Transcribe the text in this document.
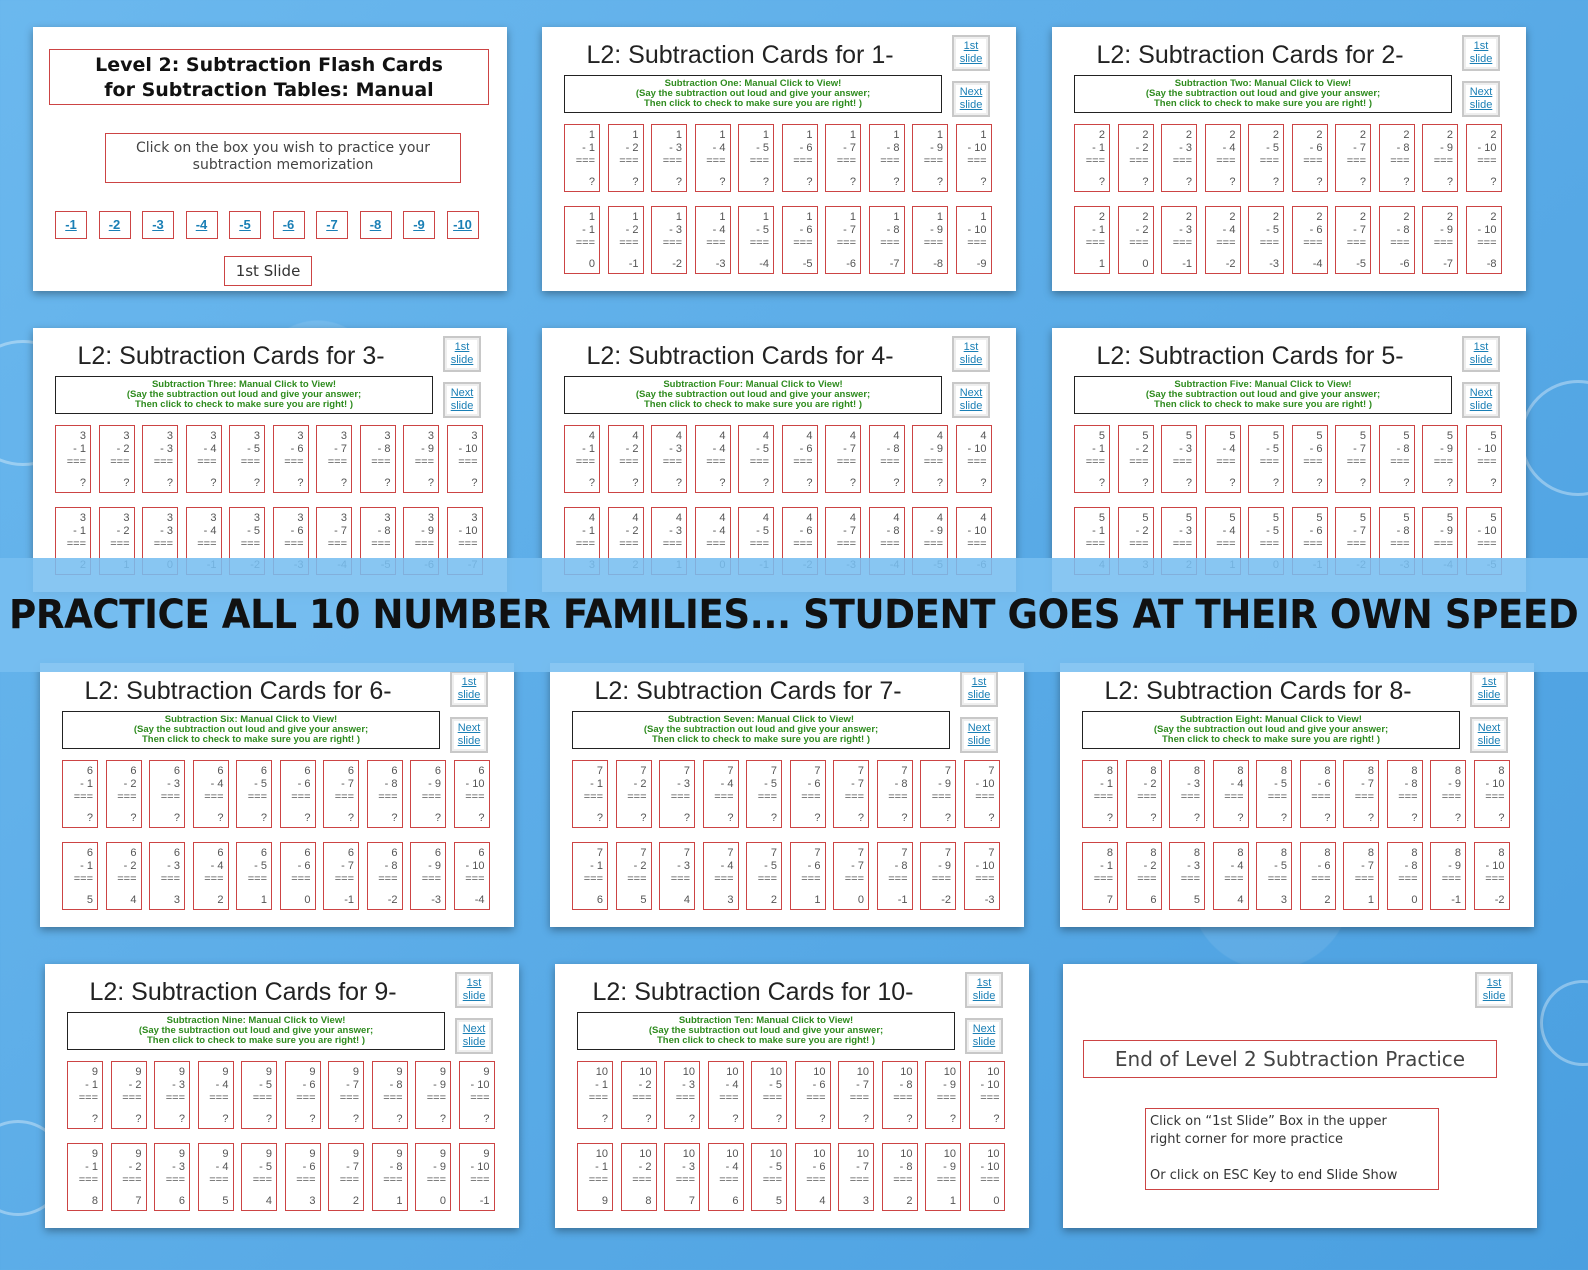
Level 2: Subtraction Flash Cards
for Subtraction Tables: Manual
Click on the box you wish to practice your
subtraction memorization
-1	-2	-3	-4	-5	-6	-7	-8	-9	-10
1st Slide
L2: Subtraction Cards for 1-	1st
slide
Next
slide
Subtraction One: Manual Click to View!
(Say the subtraction out loud and give your answer;
Then click to check to make sure you are right! )
1
- 1
===
?
1
- 2
===
?
1
- 3
===
?
1
- 4
===
?
1
- 5
===
?
1
- 6
===
?
1
- 7
===
?
1
- 8
===
?
1
- 9
===
?
1
- 10
===
?
1
- 1
===
0
1
- 2
===
-1
1
- 3
===
-2
1
- 4
===
-3
1
- 5
===
-4
1
- 6
===
-5
1
- 7
===
-6
1
- 8
===
-7
1
- 9
===
-8
1
- 10
===
-9
L2: Subtraction Cards for 2-	1st
slide
Next
slide
Subtraction Two: Manual Click to View!
(Say the subtraction out loud and give your answer;
Then click to check to make sure you are right! )
2
- 1
===
?
2
- 2
===
?
2
- 3
===
?
2
- 4
===
?
2
- 5
===
?
2
- 6
===
?
2
- 7
===
?
2
- 8
===
?
2
- 9
===
?
2
- 10
===
?
2
- 1
===
1
2
- 2
===
0
2
- 3
===
-1
2
- 4
===
-2
2
- 5
===
-3
2
- 6
===
-4
2
- 7
===
-5
2
- 8
===
-6
2
- 9
===
-7
2
- 10
===
-8
L2: Subtraction Cards for 3-	1st
slide
Next
slide
Subtraction Three: Manual Click to View!
(Say the subtraction out loud and give your answer;
Then click to check to make sure you are right! )
3
- 1
===
?
3
- 2
===
?
3
- 3
===
?
3
- 4
===
?
3
- 5
===
?
3
- 6
===
?
3
- 7
===
?
3
- 8
===
?
3
- 9
===
?
3
- 10
===
?
3
- 1
===
3
- 2
===
3
- 3
===
3
- 4
===
3
- 5
===
3
- 6
===
3
- 7
===
3
- 8
===
3
- 9
===
3
- 10
===
L2: Subtraction Cards for 4-	1st
slide
Next
slide
Subtraction Four: Manual Click to View!
(Say the subtraction out loud and give your answer;
Then click to check to make sure you are right! )
4
- 1
===
?
4
- 2
===
?
4
- 3
===
?
4
- 4
===
?
4
- 5
===
?
4
- 6
===
?
4
- 7
===
?
4
- 8
===
?
4
- 9
===
?
4
- 10
===
?
4
- 1
===
4
- 2
===
4
- 3
===
4
- 4
===
4
- 5
===
4
- 6
===
4
- 7
===
4
- 8
===
4
- 9
===
4
- 10
===
L2: Subtraction Cards for 5-	1st
slide
Next
slide
Subtraction Five: Manual Click to View!
(Say the subtraction out loud and give your answer;
Then click to check to make sure you are right! )
5
- 1
===
?
5
- 2
===
?
5
- 3
===
?
5
- 4
===
?
5
- 5
===
?
5
- 6
===
?
5
- 7
===
?
5
- 8
===
?
5
- 9
===
?
5
- 10
===
?
5
- 1
===
5
- 2
===
5
- 3
===
5
- 4
===
5
- 5
===
5
- 6
===
5
- 7
===
5
- 8
===
5
- 9
===
5
- 10
===
L2: Subtraction Cards for 6-	1st
slide
Next
slide
Subtraction Six: Manual Click to View!
(Say the subtraction out loud and give your answer;
Then click to check to make sure you are right! )
6
- 1
===
?
6
- 2
===
?
6
- 3
===
?
6
- 4
===
?
6
- 5
===
?
6
- 6
===
?
6
- 7
===
?
6
- 8
===
?
6
- 9
===
?
6
- 10
===
?
6
- 1
===
5
6
- 2
===
4
6
- 3
===
3
6
- 4
===
2
6
- 5
===
1
6
- 6
===
0
6
- 7
===
-1
6
- 8
===
-2
6
- 9
===
-3
6
- 10
===
-4
L2: Subtraction Cards for 7-	1st
slide
Next
slide
Subtraction Seven: Manual Click to View!
(Say the subtraction out loud and give your answer;
Then click to check to make sure you are right! )
7
- 1
===
?
7
- 2
===
?
7
- 3
===
?
7
- 4
===
?
7
- 5
===
?
7
- 6
===
?
7
- 7
===
?
7
- 8
===
?
7
- 9
===
?
7
- 10
===
?
7
- 1
===
6
7
- 2
===
5
7
- 3
===
4
7
- 4
===
3
7
- 5
===
2
7
- 6
===
1
7
- 7
===
0
7
- 8
===
-1
7
- 9
===
-2
7
- 10
===
-3
L2: Subtraction Cards for 8-	1st
slide
Next
slide
Subtraction Eight: Manual Click to View!
(Say the subtraction out loud and give your answer;
Then click to check to make sure you are right! )
8
- 1
===
?
8
- 2
===
?
8
- 3
===
?
8
- 4
===
?
8
- 5
===
?
8
- 6
===
?
8
- 7
===
?
8
- 8
===
?
8
- 9
===
?
8
- 10
===
?
8
- 1
===
7
8
- 2
===
6
8
- 3
===
5
8
- 4
===
4
8
- 5
===
3
8
- 6
===
2
8
- 7
===
1
8
- 8
===
0
8
- 9
===
-1
8
- 10
===
-2
L2: Subtraction Cards for 9-	1st
slide
Next
slide
Subtraction Nine: Manual Click to View!
(Say the subtraction out loud and give your answer;
Then click to check to make sure you are right! )
9
- 1
===
?
9
- 2
===
?
9
- 3
===
?
9
- 4
===
?
9
- 5
===
?
9
- 6
===
?
9
- 7
===
?
9
- 8
===
?
9
- 9
===
?
9
- 10
===
?
9
- 1
===
8
9
- 2
===
7
9
- 3
===
6
9
- 4
===
5
9
- 5
===
4
9
- 6
===
3
9
- 7
===
2
9
- 8
===
1
9
- 9
===
0
9
- 10
===
-1
L2: Subtraction Cards for 10-	1st
slide
Next
slide
Subtraction Ten: Manual Click to View!
(Say the subtraction out loud and give your answer;
Then click to check to make sure you are right! )
10
- 1
===
?
10
- 2
===
?
10
- 3
===
?
10
- 4
===
?
10
- 5
===
?
10
- 6
===
?
10
- 7
===
?
10
- 8
===
?
10
- 9
===
?
10
- 10
===
?
10
- 1
===
9
10
- 2
===
8
10
- 3
===
7
10
- 4
===
6
10
- 5
===
5
10
- 6
===
4
10
- 7
===
3
10
- 8
===
2
10
- 9
===
1
10
- 10
===
0
1st
slide
End of Level 2 Subtraction Practice
Click on “1st Slide” Box in the upper
right corner for more practice
Or click on ESC Key to end Slide Show
PRACTICE ALL 10 NUMBER FAMILIES... STUDENT GOES AT THEIR OWN SPEED
